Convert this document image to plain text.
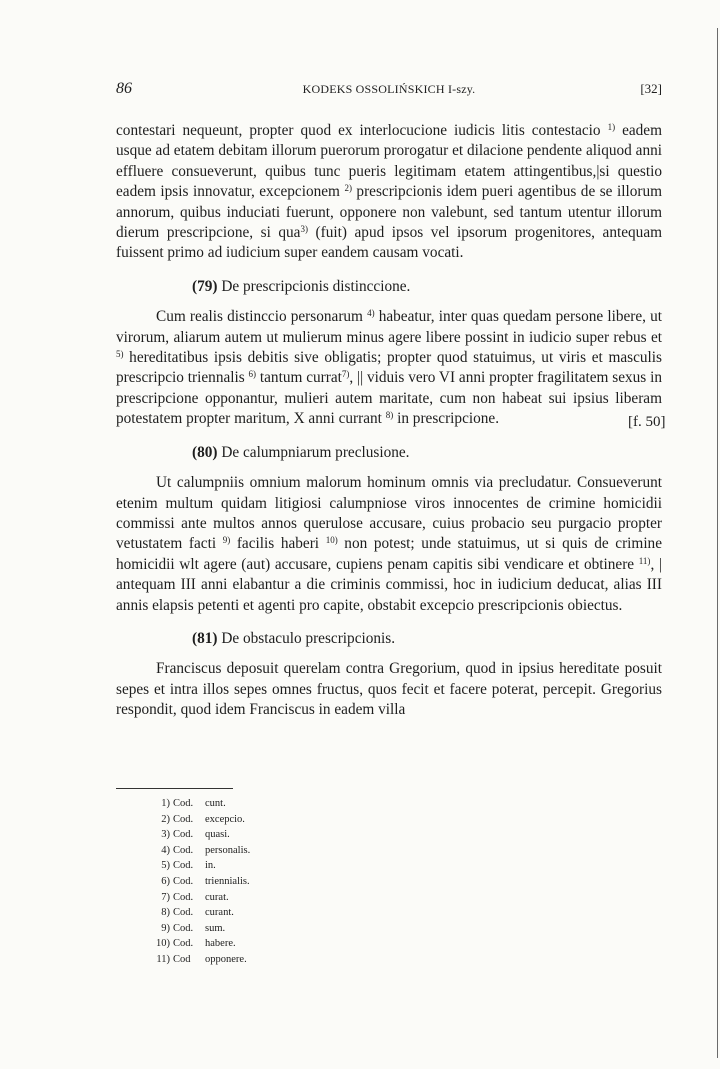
86	KODEKS OSSOLIŃSKICH I-szy.	[32]

contestari nequeunt, propter quod ex interlocucione iudicis litis contestacio $^{1)}$ eadem usque ad etatem debitam illorum puerorum prorogatur et dilacione pendente aliquod anni effluere consueverunt, quibus tunc pueris legitimam etatem attingentibus,|si questio eadem ipsis innovatur, excepcionem $^{2)}$ prescripcionis idem pueri agentibus de se illorum annorum, quibus induciati fuerunt, opponere non valebunt, sed tantum utentur illorum dierum prescripcione, si qua$^{3)}$ (fuit) apud ipsos vel ipsorum progenitores, antequam fuissent primo ad iudicium super eandem causam vocati.

(79) De prescripcionis distinccione.

Cum realis distinccio personarum $^{4)}$ habeatur, inter quas quedam persone libere, ut virorum, aliarum autem ut mulierum minus agere libere possint in iudicio super rebus et $^{5)}$ hereditatibus ipsis debitis sive obligatis; propter quod statuimus, ut viris et masculis prescripcio triennalis $^{6)}$ tantum currat$^{7)}$, || viduis vero VI anni propter fragilitatem sexus in prescripcione opponantur, mulieri autem maritate, cum non habeat sui ipsius liberam potestatem propter maritum, X anni currant $^{8)}$ in prescripcione.

(80) De calumpniarum preclusione.

Ut calumpniis omnium malorum hominum omnis via precludatur. Consueverunt etenim multum quidam litigiosi calumpniose viros innocentes de crimine homicidii commissi ante multos annos querulose accusare, cuius probacio seu purgacio propter vetustatem facti $^{9)}$ facilis haberi $^{10)}$ non potest; unde statuimus, ut si quis de crimine homicidii wlt agere (aut) accusare, cupiens penam capitis sibi vendicare et obtinere $^{11)}$, | antequam III anni elabantur a die criminis commissi, hoc in iudicium deducat, alias III annis elapsis petenti et agenti pro capite, obstabit excepcio prescripcionis obiectus.

(81) De obstaculo prescripcionis.

Franciscus deposuit querelam contra Gregorium, quod in ipsius hereditate posuit sepes et intra illos sepes omnes fructus, quos fecit et facere poterat, percepit. Gregorius respondit, quod idem Franciscus in eadem villa

[f. 50]
1) Cod. cunt.
2) Cod. excepcio.
3) Cod. quasi.
4) Cod. personalis.
5) Cod. in.
6) Cod. triennialis.
7) Cod. curat.
8) Cod. curant.
9) Cod. sum.
10) Cod. habere.
11) Cod opponere.
